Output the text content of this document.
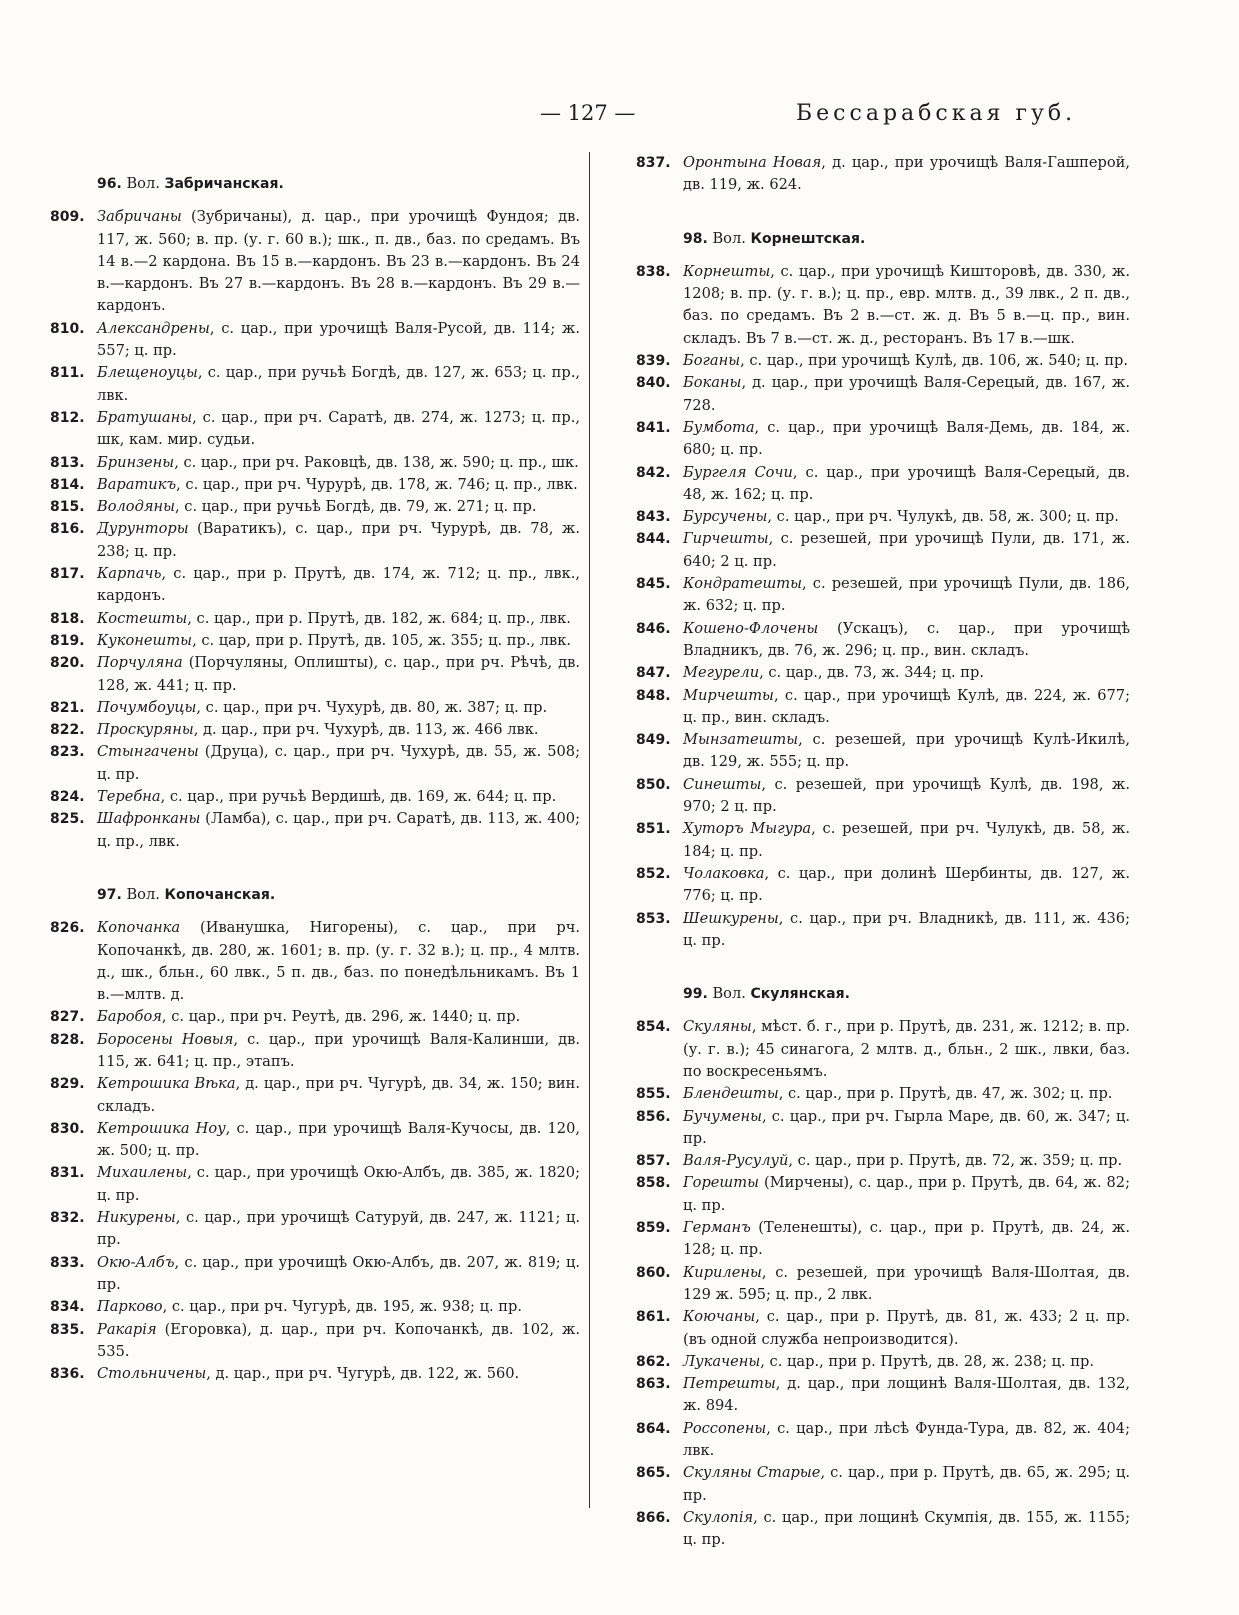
— 127 —	Бессарабская губ.
96. Вол. Забричанская.

809. Забричаны (Зубричаны), д. цар., при урочищѣ Фундоя; дв. 117, ж. 560; в. пр. (у. г. 60 в.); шк., п. дв., баз. по средамъ. Въ 14 в.—2 кардона. Въ 15 в.—кардонъ. Въ 23 в.—кардонъ. Въ 24 в.—кардонъ. Въ 27 в.—кардонъ. Въ 28 в.—кардонъ. Въ 29 в.—кардонъ.

810. Александрены, с. цар., при урочищѣ Валя-Русой, дв. 114; ж. 557; ц. пр.

811. Блещеноуцы, с. цар., при ручьѣ Богдѣ, дв. 127, ж. 653; ц. пр., лвк.

812. Братушаны, с. цар., при рч. Саратѣ, дв. 274, ж. 1273; ц. пр., шк, кам. мир. судьи.

813. Бринзены, с. цар., при рч. Раковцѣ, дв. 138, ж. 590; ц. пр., шк.

814. Варатикъ, с. цар., при рч. Чурурѣ, дв. 178, ж. 746; ц. пр., лвк.

815. Володяны, с. цар., при ручьѣ Богдѣ, дв. 79, ж. 271; ц. пр.

816. Дурунторы (Варатикъ), с. цар., при рч. Чурурѣ, дв. 78, ж. 238; ц. пр.

817. Карпачь, с. цар., при р. Прутѣ, дв. 174, ж. 712; ц. пр., лвк., кардонъ.

818. Костешты, с. цар., при р. Прутѣ, дв. 182, ж. 684; ц. пр., лвк.

819. Куконешты, с. цар, при р. Прутѣ, дв. 105, ж. 355; ц. пр., лвк.

820. Порчуляна (Порчуляны, Оплишты), с. цар., при рч. Рѣчѣ, дв. 128, ж. 441; ц. пр.

821. Почумбоуцы, с. цар., при рч. Чухурѣ, дв. 80, ж. 387; ц. пр.

822. Проскуряны, д. цар., при рч. Чухурѣ, дв. 113, ж. 466 лвк.

823. Стынгачены (Друца), с. цар., при рч. Чухурѣ, дв. 55, ж. 508; ц. пр.

824. Теребна, с. цар., при ручьѣ Вердишѣ, дв. 169, ж. 644; ц. пр.

825. Шафронканы (Ламба), с. цар., при рч. Саратѣ, дв. 113, ж. 400; ц. пр., лвк.

97. Вол. Копочанская.

826. Копочанка (Иванушка, Нигорены), с. цар., при рч. Копочанкѣ, дв. 280, ж. 1601; в. пр. (у. г. 32 в.); ц. пр., 4 млтв. д., шк., бльн., 60 лвк., 5 п. дв., баз. по понедѣльникамъ. Въ 1 в.—млтв. д.

827. Баробоя, с. цар., при рч. Реутѣ, дв. 296, ж. 1440; ц. пр.

828. Боросены Новыя, с. цар., при урочищѣ Валя-Калинши, дв. 115, ж. 641; ц. пр., этапъ.

829. Кетрошика Вѣка, д. цар., при рч. Чугурѣ, дв. 34, ж. 150; вин. складъ.

830. Кетрошика Ноу, с. цар., при урочищѣ Валя-Кучосы, дв. 120, ж. 500; ц. пр.

831. Михаилены, с. цар., при урочищѣ Окю-Албъ, дв. 385, ж. 1820; ц. пр.

832. Никурены, с. цар., при урочищѣ Сатуруй, дв. 247, ж. 1121; ц. пр.

833. Окю-Албъ, с. цар., при урочищѣ Окю-Албъ, дв. 207, ж. 819; ц. пр.

834. Парково, с. цар., при рч. Чугурѣ, дв. 195, ж. 938; ц. пр.

835. Ракарія (Егоровка), д. цар., при рч. Копочанкѣ, дв. 102, ж. 535.

836. Стольничены, д. цар., при рч. Чугурѣ, дв. 122, ж. 560.

837. Оронтына Новая, д. цар., при урочищѣ Валя-Гашперой, дв. 119, ж. 624.

98. Вол. Корнештская.

838. Корнешты, с. цар., при урочищѣ Кишторовѣ, дв. 330, ж. 1208; в. пр. (у. г. в.); ц. пр., евр. млтв. д., 39 лвк., 2 п. дв., баз. по средамъ. Въ 2 в.—ст. ж. д. Въ 5 в.—ц. пр., вин. складъ. Въ 7 в.—ст. ж. д., ресторанъ. Въ 17 в.—шк.

839. Боганы, с. цар., при урочищѣ Кулѣ, дв. 106, ж. 540; ц. пр.

840. Боканы, д. цар., при урочищѣ Валя-Серецый, дв. 167, ж. 728.

841. Бумбота, с. цар., при урочищѣ Валя-Демь, дв. 184, ж. 680; ц. пр.

842. Бургеля Сочи, с. цар., при урочищѣ Валя-Серецый, дв. 48, ж. 162; ц. пр.

843. Бурсучены, с. цар., при рч. Чулукѣ, дв. 58, ж. 300; ц. пр.

844. Гирчешты, с. резешей, при урочищѣ Пули, дв. 171, ж. 640; 2 ц. пр.

845. Кондратешты, с. резешей, при урочищѣ Пули, дв. 186, ж. 632; ц. пр.

846. Кошено-Флочены (Ускацъ), с. цар., при урочищѣ Владникъ, дв. 76, ж. 296; ц. пр., вин. складъ.

847. Мегурели, с. цар., дв. 73, ж. 344; ц. пр.

848. Мирчешты, с. цар., при урочищѣ Кулѣ, дв. 224, ж. 677; ц. пр., вин. складъ.

849. Мынзатешты, с. резешей, при урочищѣ Кулѣ-Икилѣ, дв. 129, ж. 555; ц. пр.

850. Синешты, с. резешей, при урочищѣ Кулѣ, дв. 198, ж. 970; 2 ц. пр.

851. Хуторъ Мыгура, с. резешей, при рч. Чулукѣ, дв. 58, ж. 184; ц. пр.

852. Чолаковка, с. цар., при долинѣ Шербинты, дв. 127, ж. 776; ц. пр.

853. Шешкурены, с. цар., при рч. Владникѣ, дв. 111, ж. 436; ц. пр.

99. Вол. Скулянская.

854. Скуляны, мѣст. б. г., при р. Прутѣ, дв. 231, ж. 1212; в. пр. (у. г. в.); 45 синагога, 2 млтв. д., бльн., 2 шк., лвки, баз. по воскресеньямъ.

855. Блендешты, с. цар., при р. Прутѣ, дв. 47, ж. 302; ц. пр.

856. Бучумены, с. цар., при рч. Гырла Маре, дв. 60, ж. 347; ц. пр.

857. Валя-Русулуй, с. цар., при р. Прутѣ, дв. 72, ж. 359; ц. пр.

858. Горешты (Мирчены), с. цар., при р. Прутѣ, дв. 64, ж. 82; ц. пр.

859. Германъ (Теленешты), с. цар., при р. Прутѣ, дв. 24, ж. 128; ц. пр.

860. Кирилены, с. резешей, при урочищѣ Валя-Шолтая, дв. 129 ж. 595; ц. пр., 2 лвк.

861. Коючаны, с. цар., при р. Прутѣ, дв. 81, ж. 433; 2 ц. пр. (въ одной служба непроизводится).

862. Лукачены, с. цар., при р. Прутѣ, дв. 28, ж. 238; ц. пр.

863. Петрешты, д. цар., при лощинѣ Валя-Шолтая, дв. 132, ж. 894.

864. Россопены, с. цар., при лѣсѣ Фунда-Тура, дв. 82, ж. 404; лвк.

865. Скуляны Старые, с. цар., при р. Прутѣ, дв. 65, ж. 295; ц. пр.

866. Скулопія, с. цар., при лощинѣ Скумпія, дв. 155, ж. 1155; ц. пр.
